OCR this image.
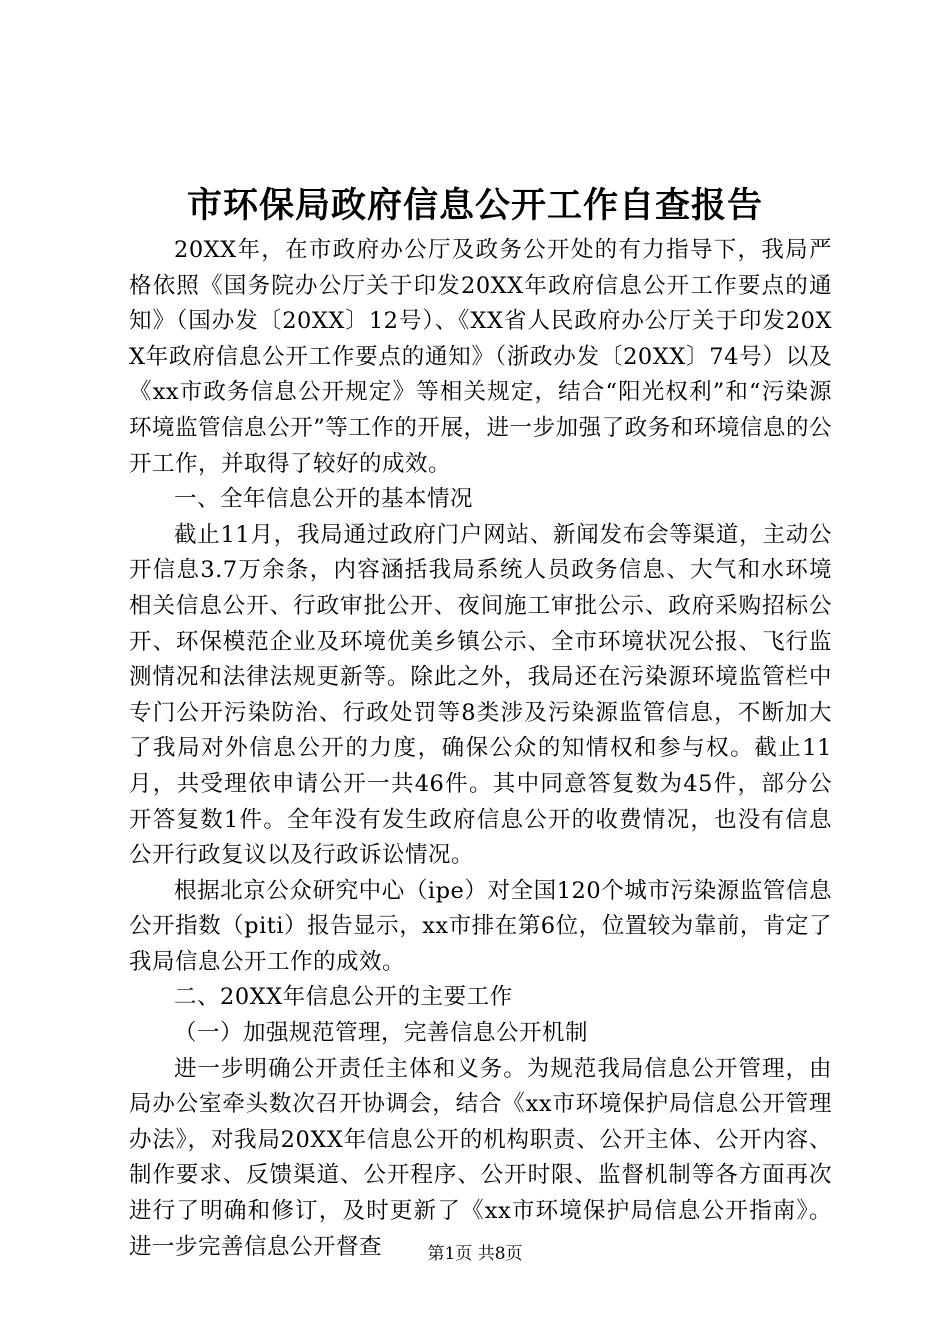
市环保局政府信息公开工作自查报告

20XX年，在市政府办公厅及政务公开处的有力指导下，我局严格依照《国务院办公厅关于印发20XX年政府信息公开工作要点的通知》（国办发〔20XX〕12号）、《XX省人民政府办公厅关于印发20XX年政府信息公开工作要点的通知》（浙政办发〔20XX〕74号）以及《xx市政务信息公开规定》等相关规定，结合“阳光权利”和“污染源环境监管信息公开”等工作的开展，进一步加强了政务和环境信息的公开工作，并取得了较好的成效。

一、全年信息公开的基本情况

截止11月，我局通过政府门户网站、新闻发布会等渠道，主动公开信息3.7万余条，内容涵括我局系统人员政务信息、大气和水环境相关信息公开、行政审批公开、夜间施工审批公示、政府采购招标公开、环保模范企业及环境优美乡镇公示、全市环境状况公报、飞行监测情况和法律法规更新等。除此之外，我局还在污染源环境监管栏中专门公开污染防治、行政处罚等8类涉及污染源监管信息，不断加大了我局对外信息公开的力度，确保公众的知情权和参与权。截止11月，共受理依申请公开一共46件。其中同意答复数为45件，部分公开答复数1件。全年没有发生政府信息公开的收费情况，也没有信息公开行政复议以及行政诉讼情况。

根据北京公众研究中心（ipe）对全国120个城市污染源监管信息公开指数（piti）报告显示，xx市排在第6位，位置较为靠前，肯定了我局信息公开工作的成效。

二、20XX年信息公开的主要工作

（一）加强规范管理，完善信息公开机制

进一步明确公开责任主体和义务。为规范我局信息公开管理，由局办公室牵头数次召开协调会，结合《xx市环境保护局信息公开管理办法》，对我局20XX年信息公开的机构职责、公开主体、公开内容、制作要求、反馈渠道、公开程序、公开时限、监督机制等各方面再次进行了明确和修订，及时更新了《xx市环境保护局信息公开指南》。进一步完善信息公开督查	第1页 共8页
